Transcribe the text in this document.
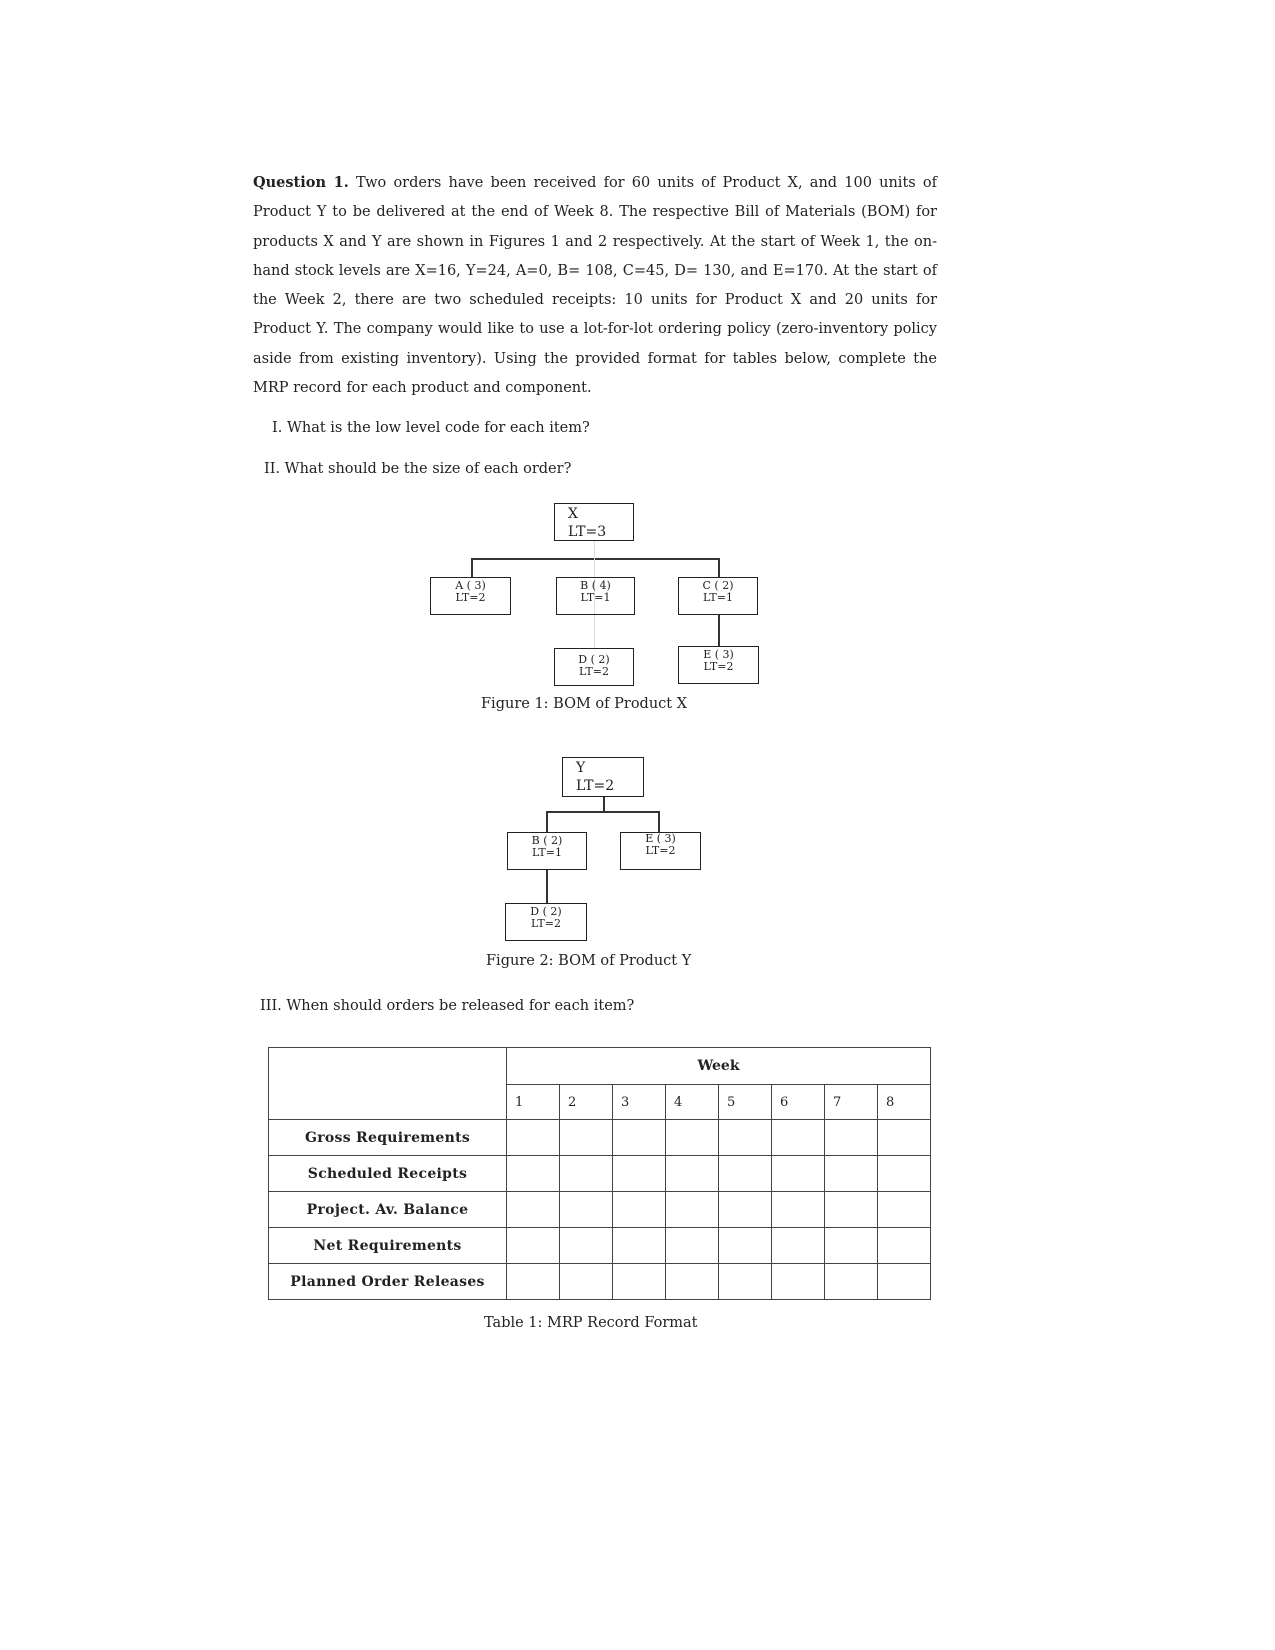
Question 1. Two orders have been received for 60 units of Product X, and 100 units of Product Y to be delivered at the end of Week 8. The respective Bill of Materials (BOM) for products X and Y are shown in Figures 1 and 2 respectively. At the start of Week 1, the on-hand stock levels are X=16, Y=24, A=0, B= 108, C=45, D= 130, and E=170. At the start of the Week 2, there are two scheduled receipts: 10 units for Product X and 20 units for Product Y. The company would like to use a lot-for-lot ordering policy (zero-inventory policy aside from existing inventory). Using the provided format for tables below, complete the MRP record for each product and component.
I. What is the low level code for each item?
II. What should be the size of each order?
X
LT=3
A ( 3)
LT=2
B ( 4)
LT=1
C ( 2)
LT=1
D ( 2)
LT=2
E ( 3)
LT=2
Figure 1: BOM of Product X
Y
LT=2
B ( 2)
LT=1
E ( 3)
LT=2
D ( 2)
LT=2
Figure 2: BOM of Product Y
III. When should orders be released for each item?
	Week							
	1	2	3	4	5	6	7	8
Gross Requirements								
Scheduled Receipts								
Project. Av. Balance								
Net Requirements								
Planned Order Releases								
Table 1: MRP Record Format
